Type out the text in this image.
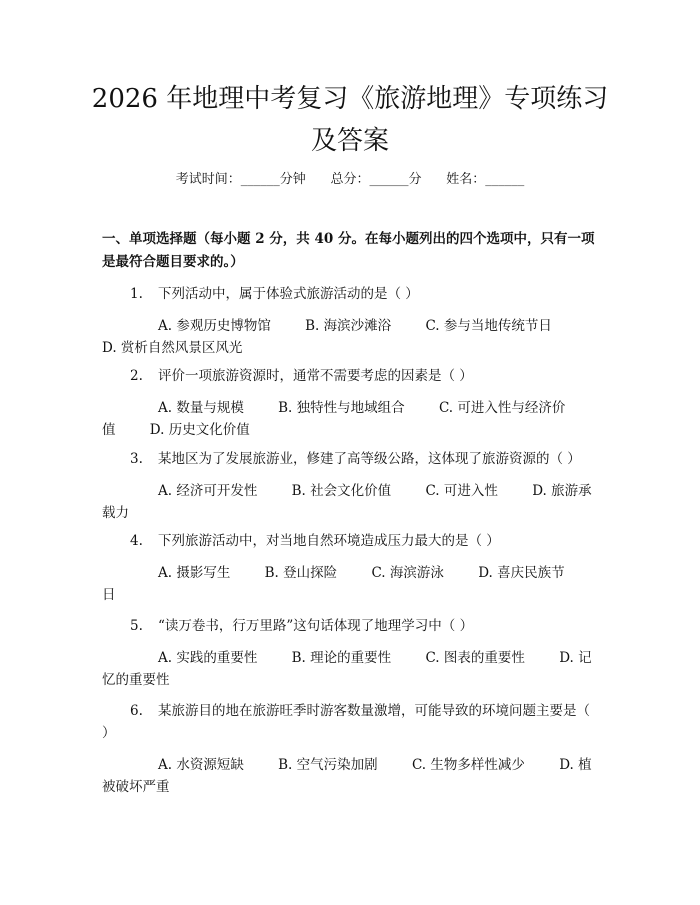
2026 年地理中考复习《旅游地理》专项练习
及答案
考试时间：______分钟      总分：______分      姓名：______
一、单项选择题（每小题 2 分，共 40 分。在每小题列出的四个选项中，只有一项是最符合题目要求的。）
1. 下列活动中，属于体验式旅游活动的是（ ）
A. 参观历史博物馆	B. 海滨沙滩浴	C. 参与当地传统节日 D. 赏析自然风景区风光
2. 评价一项旅游资源时，通常不需要考虑的因素是（ ）
A. 数量与规模	B. 独特性与地域组合	C. 可进入性与经济价值	D. 历史文化价值
3. 某地区为了发展旅游业，修建了高等级公路，这体现了旅游资源的（ ）
A. 经济可开发性	B. 社会文化价值	C. 可进入性	D. 旅游承载力
4. 下列旅游活动中，对当地自然环境造成压力最大的是（ ）
A. 摄影写生	B. 登山探险	C. 海滨游泳	D. 喜庆民族节日
5. “读万卷书，行万里路”这句话体现了地理学习中（ ）
A. 实践的重要性	B. 理论的重要性	C. 图表的重要性	D. 记忆的重要性
6. 某旅游目的地在旅游旺季时游客数量激增，可能导致的环境问题主要是（ ）
A. 水资源短缺	B. 空气污染加剧	C. 生物多样性减少	D. 植被破坏严重
